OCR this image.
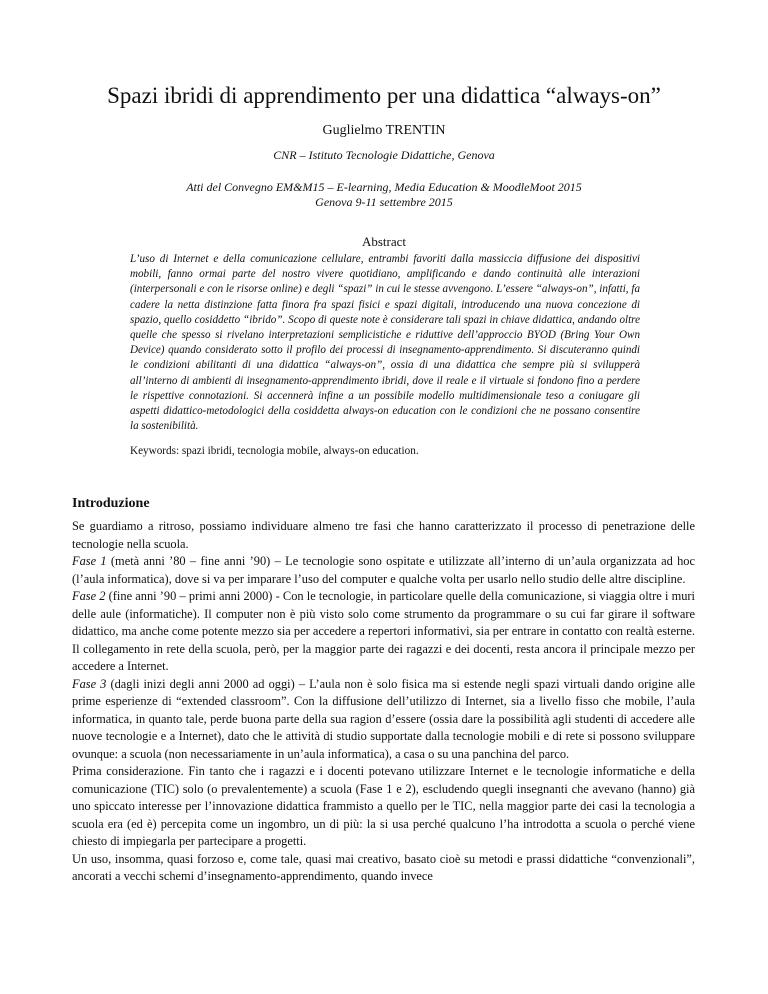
Spazi ibridi di apprendimento per una didattica “always-on”
Guglielmo TRENTIN
CNR – Istituto Tecnologie Didattiche, Genova
Atti del Convegno EM&M15 – E-learning, Media Education & MoodleMoot 2015
Genova 9-11 settembre 2015
Abstract
L’uso di Internet e della comunicazione cellulare, entrambi favoriti dalla massiccia diffusione dei dispositivi mobili, fanno ormai parte del nostro vivere quotidiano, amplificando e dando continuità alle interazioni (interpersonali e con le risorse online) e degli “spazi” in cui le stesse avvengono. L’essere “always-on”, infatti, fa cadere la netta distinzione fatta finora fra spazi fisici e spazi digitali, introducendo una nuova concezione di spazio, quello cosiddetto “ibrido”. Scopo di queste note è considerare tali spazi in chiave didattica, andando oltre quelle che spesso si rivelano interpretazioni semplicistiche e riduttive dell’approccio BYOD (Bring Your Own Device) quando considerato sotto il profilo dei processi di insegnamento-apprendimento. Si discuteranno quindi le condizioni abilitanti di una didattica “always-on”, ossia di una didattica che sempre più si svilupperà all’interno di ambienti di insegnamento-apprendimento ibridi, dove il reale e il virtuale si fondono fino a perdere le rispettive connotazioni. Si accennerà infine a un possibile modello multidimensionale teso a coniugare gli aspetti didattico-metodologici della cosiddetta always-on education con le condizioni che ne possano consentire la sostenibilità.
Keywords: spazi ibridi, tecnologia mobile, always-on education.
Introduzione

Se guardiamo a ritroso, possiamo individuare almeno tre fasi che hanno caratterizzato il processo di penetrazione delle tecnologie nella scuola.

Fase 1 (metà anni ’80 – fine anni ’90) – Le tecnologie sono ospitate e utilizzate all’interno di un’aula organizzata ad hoc (l’aula informatica), dove si va per imparare l’uso del computer e qualche volta per usarlo nello studio delle altre discipline.

Fase 2 (fine anni ’90 – primi anni 2000) - Con le tecnologie, in particolare quelle della comunicazione, si viaggia oltre i muri delle aule (informatiche). Il computer non è più visto solo come strumento da programmare o su cui far girare il software didattico, ma anche come potente mezzo sia per accedere a repertori informativi, sia per entrare in contatto con realtà esterne. Il collegamento in rete della scuola, però, per la maggior parte dei ragazzi e dei docenti, resta ancora il principale mezzo per accedere a Internet.

Fase 3 (dagli inizi degli anni 2000 ad oggi) – L’aula non è solo fisica ma si estende negli spazi virtuali dando origine alle prime esperienze di “extended classroom”. Con la diffusione dell’utilizzo di Internet, sia a livello fisso che mobile, l’aula informatica, in quanto tale, perde buona parte della sua ragion d’essere (ossia dare la possibilità agli studenti di accedere alle nuove tecnologie e a Internet), dato che le attività di studio supportate dalla tecnologie mobili e di rete si possono sviluppare ovunque: a scuola (non necessariamente in un’aula informatica), a casa o su una panchina del parco.

Prima considerazione. Fin tanto che i ragazzi e i docenti potevano utilizzare Internet e le tecnologie informatiche e della comunicazione (TIC) solo (o prevalentemente) a scuola (Fase 1 e 2), escludendo quegli insegnanti che avevano (hanno) già uno spiccato interesse per l’innovazione didattica frammisto a quello per le TIC, nella maggior parte dei casi la tecnologia a scuola era (ed è) percepita come un ingombro, un di più: la si usa perché qualcuno l’ha introdotta a scuola o perché viene chiesto di impiegarla per partecipare a progetti.

Un uso, insomma, quasi forzoso e, come tale, quasi mai creativo, basato cioè su metodi e prassi didattiche “convenzionali”, ancorati a vecchi schemi d’insegnamento-apprendimento, quando invece
